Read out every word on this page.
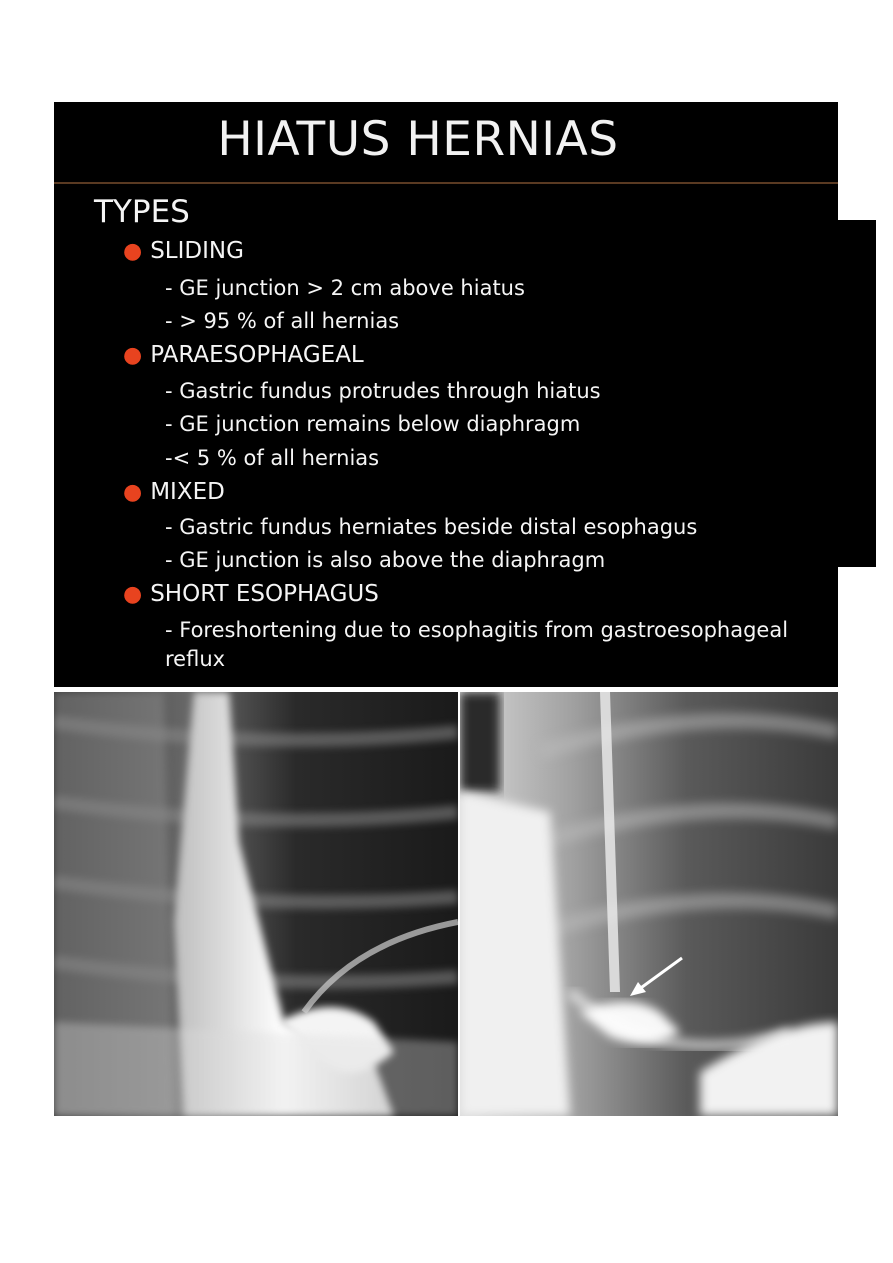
HIATUS HERNIAS
TYPES
● SLIDING
- GE junction > 2 cm above hiatus
- > 95 % of all hernias
● PARAESOPHAGEAL
- Gastric fundus protrudes through hiatus
- GE junction remains below diaphragm
-< 5 % of all hernias
● MIXED
- Gastric fundus herniates beside distal esophagus
- GE junction is also above the diaphragm
● SHORT ESOPHAGUS
- Foreshortening due to esophagitis from gastroesophageal
reflux
